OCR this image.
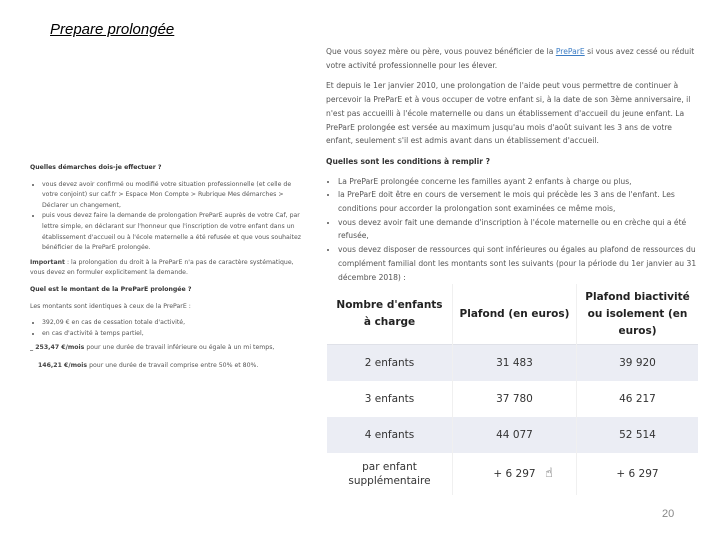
Prepare prolongée
Quelles démarches dois-je effectuer ?
• vous devez avoir confirmé ou modifié votre situation professionnelle (et celle de votre conjoint) sur caf.fr > Espace Mon Compte > Rubrique Mes démarches > Déclarer un changement,
• puis vous devez faire la demande de prolongation PreParE auprès de votre Caf, par lettre simple, en déclarant sur l'honneur que l'inscription de votre enfant dans un établissement d'accueil ou à l'école maternelle a été refusée et que vous souhaitez bénéficier de la PreParE prolongée.

Important : la prolongation du droit à la PreParE n'a pas de caractère systématique, vous devez en formuler explicitement la demande.

Quel est le montant de la PreParE prolongée ?

Les montants sont identiques à ceux de la PreParE :

• 392,09 € en cas de cessation totale d'activité,
• en cas d'activité à temps partiel,
_ 253,47 €/mois pour une durée de travail inférieure ou égale à un mi temps,
146,21 €/mois pour une durée de travail comprise entre 50% et 80%.

Que vous soyez mère ou père, vous pouvez bénéficier de la PreParE si vous avez cessé ou réduit votre activité professionnelle pour les élever.

Et depuis le 1er janvier 2010, une prolongation de l'aide peut vous permettre de continuer à percevoir la PreParE et à vous occuper de votre enfant si, à la date de son 3ème anniversaire, il n'est pas accueilli à l'école maternelle ou dans un établissement d'accueil du jeune enfant. La PreParE prolongée est versée au maximum jusqu'au mois d'août suivant les 3 ans de votre enfant, seulement s'il est admis avant dans un établissement d'accueil.

Quelles sont les conditions à remplir ?
• La PreParE prolongée concerne les familles ayant 2 enfants à charge ou plus,
• la PreParE doit être en cours de versement le mois qui précède les 3 ans de l'enfant. Les conditions pour accorder la prolongation sont examinées ce même mois,
• vous devez avoir fait une demande d'inscription à l'école maternelle ou en crèche qui a été refusée,
• vous devez disposer de ressources qui sont inférieures ou égales au plafond de ressources du complément familial dont les montants sont les suivants (pour la période du 1er janvier au 31 décembre 2018) :
Nombre d'enfants à charge	Plafond (en euros)	Plafond biactivité ou isolement (en euros)
2 enfants	31 483	39 920
3 enfants	37 780	46 217
4 enfants	44 077	52 514
par enfant supplémentaire	+ 6 297	+ 6 297
☝
20
